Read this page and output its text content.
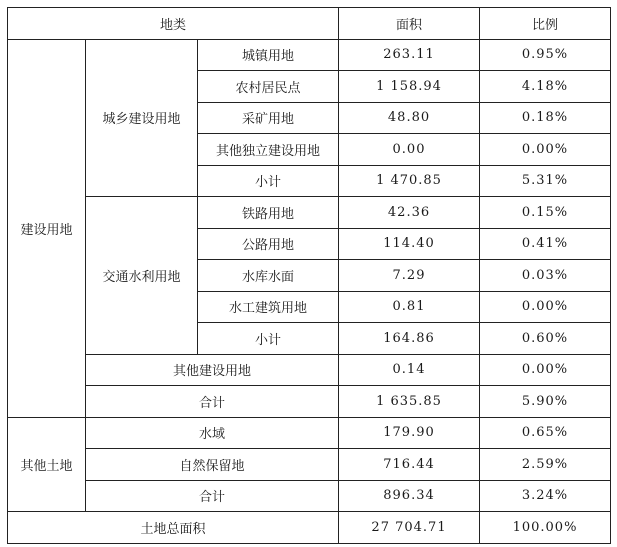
地类			面积	比例
建设用地	城乡建设用地	城镇用地	263.11	0.95%
		农村居民点	1 158.94	4.18%
		采矿用地	48.80	0.18%
		其他独立建设用地	0.00	0.00%
		小计	1 470.85	5.31%
	交通水利用地	铁路用地	42.36	0.15%
		公路用地	114.40	0.41%
		水库水面	7.29	0.03%
		水工建筑用地	0.81	0.00%
		小计	164.86	0.60%
	其他建设用地		0.14	0.00%
	合计		1 635.85	5.90%
其他土地	水域		179.90	0.65%
	自然保留地		716.44	2.59%
	合计		896.34	3.24%
土地总面积			27 704.71	100.00%
